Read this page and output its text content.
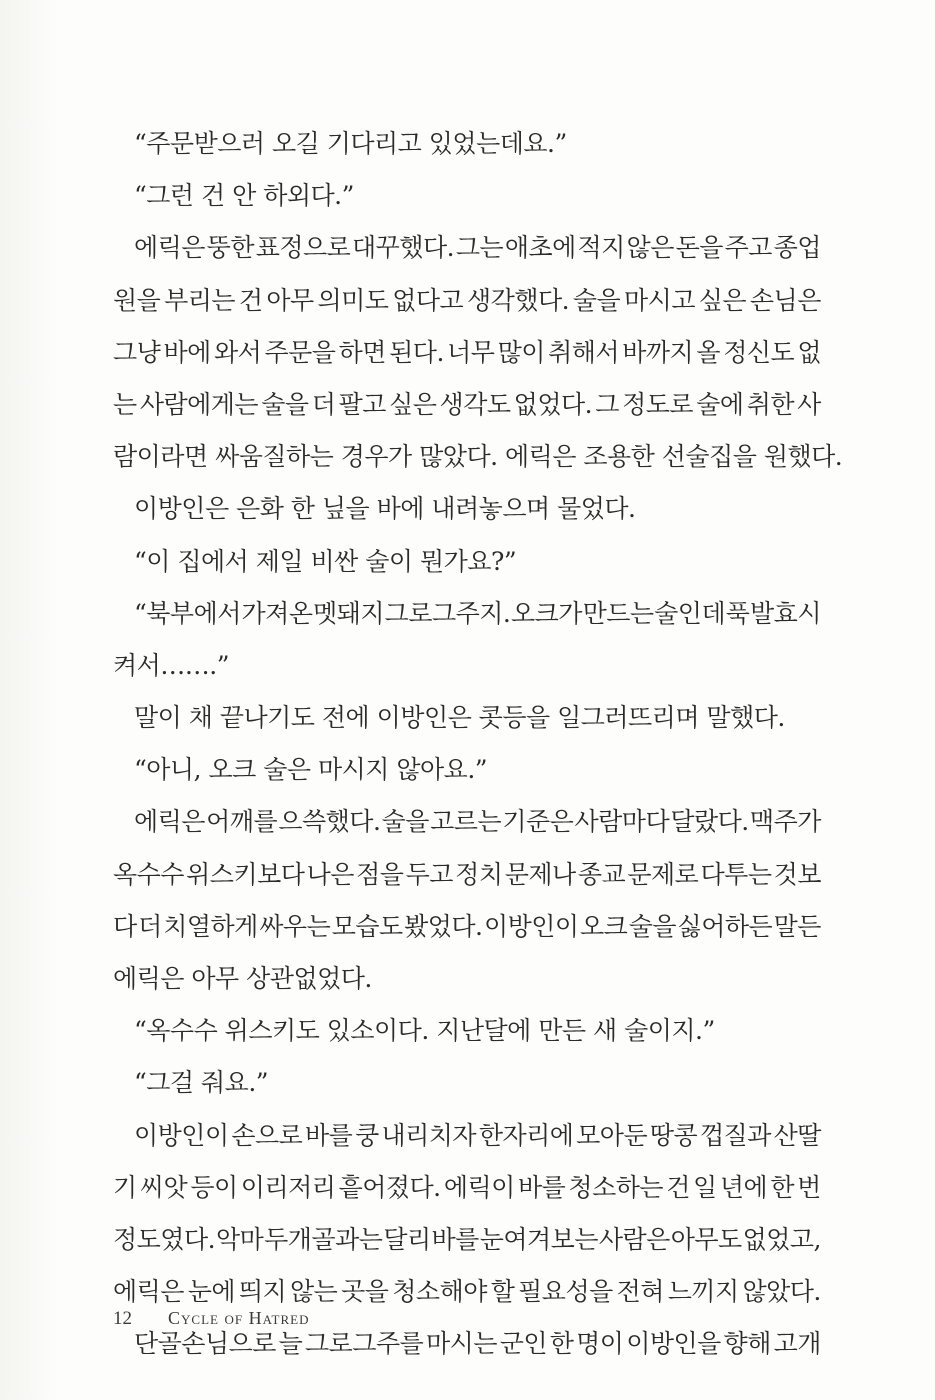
“주문받으러 오길 기다리고 있었는데요.”
“그런 건 안 하외다.”
에릭은 뚱한 표정으로 대꾸했다. 그는 애초에 적지 않은 돈을 주고 종업
원을 부리는 건 아무 의미도 없다고 생각했다. 술을 마시고 싶은 손님은
그냥 바에 와서 주문을 하면 된다. 너무 많이 취해서 바까지 올 정신도 없
는 사람에게는 술을 더 팔고 싶은 생각도 없었다. 그 정도로 술에 취한 사
람이라면 싸움질하는 경우가 많았다. 에릭은 조용한 선술집을 원했다.
이방인은 은화 한 닢을 바에 내려놓으며 물었다.
“이 집에서 제일 비싼 술이 뭔가요?”
“북부에서 가져온 멧돼지 그로그주지. 오크가 만드는 술인데 푹 발효시
켜서…….”
말이 채 끝나기도 전에 이방인은 콧등을 일그러뜨리며 말했다.
“아니, 오크 술은 마시지 않아요.”
에릭은 어깨를 으쓱했다. 술을 고르는 기준은 사람마다 달랐다. 맥주가
옥수수 위스키보다 나은 점을 두고 정치 문제나 종교 문제로 다투는 것보
다 더 치열하게 싸우는 모습도 봤었다. 이방인이 오크 술을 싫어하든 말든
에릭은 아무 상관없었다.
“옥수수 위스키도 있소이다. 지난달에 만든 새 술이지.”
“그걸 줘요.”
이방인이 손으로 바를 쿵 내리치자 한자리에 모아둔 땅콩 껍질과 산딸
기 씨앗 등이 이리저리 흩어졌다. 에릭이 바를 청소하는 건 일 년에 한 번
정도였다. 악마 두개골과는 달리 바를 눈여겨보는 사람은 아무도 없었고,
에릭은 눈에 띄지 않는 곳을 청소해야 할 필요성을 전혀 느끼지 않았다.
단골손님으로 늘 그로그주를 마시는 군인 한 명이 이방인을 향해 고개
12 Cycle of Hatred
